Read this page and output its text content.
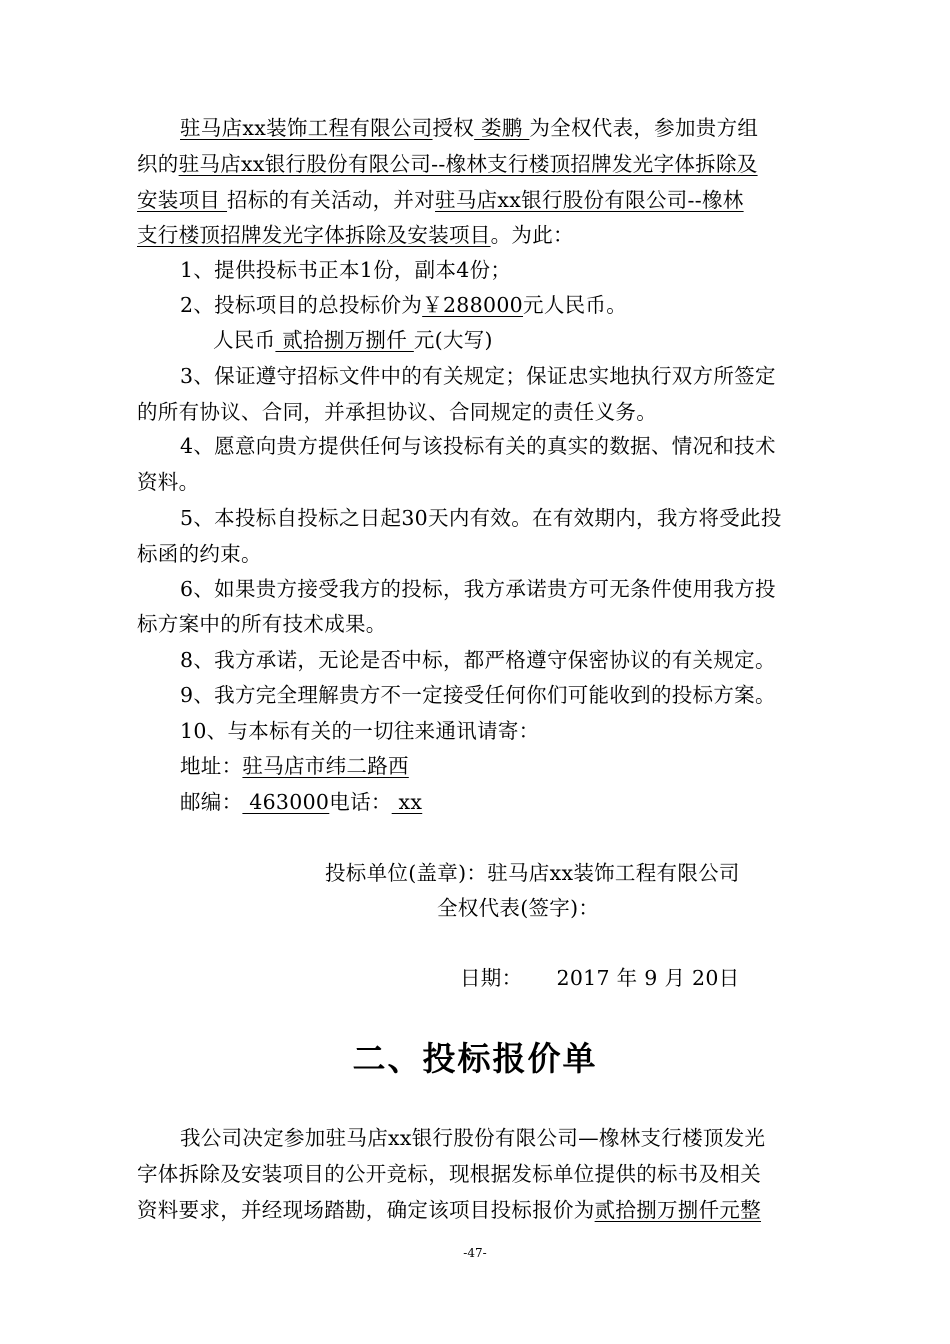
驻马店xx装饰工程有限公司授权 娄鹏 为全权代表，参加贵方组
织的驻马店xx银行股份有限公司--橡林支行楼顶招牌发光字体拆除及
安装项目 招标的有关活动，并对驻马店xx银行股份有限公司--橡林
支行楼顶招牌发光字体拆除及安装项目。为此：
1、提供投标书正本1份，副本4份；
2、投标项目的总投标价为￥288000元人民币。
人民币 贰拾捌万捌仟 元(大写)
3、保证遵守招标文件中的有关规定；保证忠实地执行双方所签定
的所有协议、合同，并承担协议、合同规定的责任义务。
4、愿意向贵方提供任何与该投标有关的真实的数据、情况和技术
资料。
5、本投标自投标之日起30天内有效。在有效期内，我方将受此投
标函的约束。
6、如果贵方接受我方的投标，我方承诺贵方可无条件使用我方投
标方案中的所有技术成果。
8、我方承诺，无论是否中标，都严格遵守保密协议的有关规定。
9、我方完全理解贵方不一定接受任何你们可能收到的投标方案。
10、与本标有关的一切往来通讯请寄：
地址：驻马店市纬二路西
邮编： 463000电话： xx
投标单位(盖章)：驻马店xx装饰工程有限公司
全权代表(签字)：
日期：     2017 年 9 月 20日
二、投标报价单
我公司决定参加驻马店xx银行股份有限公司—橡林支行楼顶发光
字体拆除及安装项目的公开竞标，现根据发标单位提供的标书及相关
资料要求，并经现场踏勘，确定该项目投标报价为贰拾捌万捌仟元整
-47-
